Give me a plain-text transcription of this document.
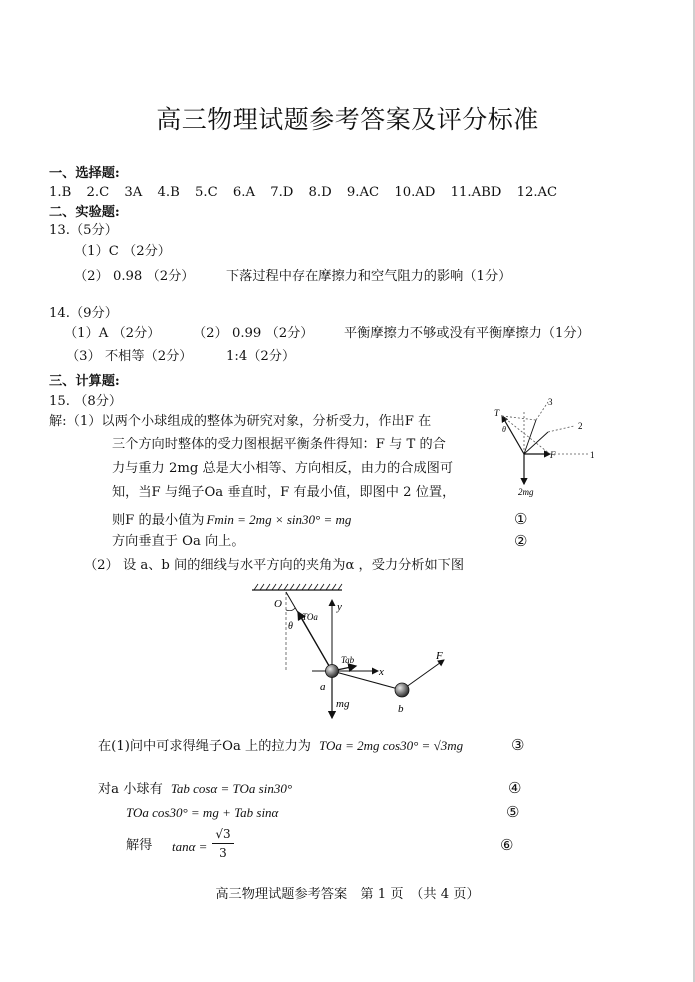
高三物理试题参考答案及评分标准
一、选择题:
1.B 2.C 3A 4.B 5.C 6.A 7.D 8.D 9.AC 10.AD 11.ABD 12.AC
二、实验题:
13.（5分）
（1）C （2分）
（2） 0.98 （2分） 下落过程中存在摩擦力和空气阻力的影响（1分）
14.（9分）
（1）A （2分） （2） 0.99 （2分） 平衡摩擦力不够或没有平衡摩擦力（1分）
（3） 不相等（2分）	1:4（2分）
三、计算题:
15. （8分）
解:（1）以两个小球组成的整体为研究对象，分析受力，作出F 在
三个方向时整体的受力图根据平衡条件得知：F 与 T 的合
力与重力 2mg 总是大小相等、方向相反，由力的合成图可
知，当F 与绳子Oa 垂直时，F 有最小值，即图中 2 位置，
则F 的最小值为 Fmin = 2mg × sin30° = mg	①
方向垂直于 Oa 向上。	②
（2） 设 a、b 间的细线与水平方向的夹角为α ，受力分析如下图
T
θ
3
2
F	1
2mg
O	y
TOa
θ
Tab
x
F
a
mg	b
在(1)问中可求得绳子Oa 上的拉力为 TOa = 2mg cos30° = √3mg	③
对a 小球有 Tab cosα = TOa sin30°	④
TOa cos30° = mg + Tab sinα	⑤
解得 tanα =
√3
3	⑥
高三物理试题参考答案　第 1 页　（共 4 页）
